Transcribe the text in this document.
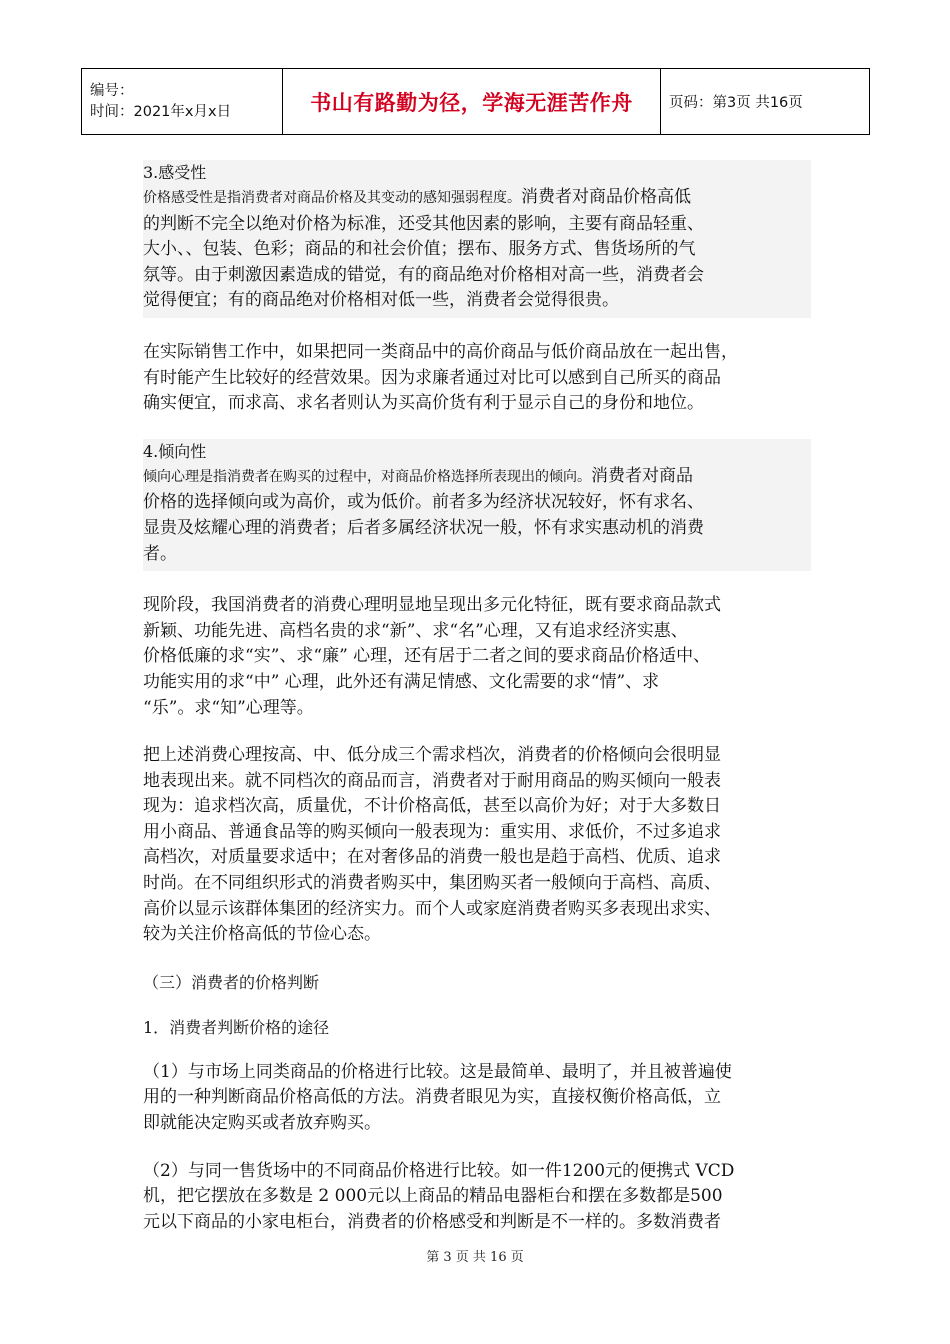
编号：
时间：2021年x月x日	书山有路勤为径，学海无涯苦作舟	页码：第3页 共16页
3.感受性
价格感受性是指消费者对商品价格及其变动的感知强弱程度。消费者对商品价格高低
的判断不完全以绝对价格为标准，还受其他因素的影响，主要有商品轻重、
大小、、包装、色彩；商品的和社会价值；摆布、服务方式、售货场所的气
氛等。由于刺激因素造成的错觉，有的商品绝对价格相对高一些，消费者会
觉得便宜；有的商品绝对价格相对低一些，消费者会觉得很贵。
在实际销售工作中，如果把同一类商品中的高价商品与低价商品放在一起出售，
有时能产生比较好的经营效果。因为求廉者通过对比可以感到自己所买的商品
确实便宜，而求高、求名者则认为买高价货有利于显示自己的身份和地位。
4.倾向性
倾向心理是指消费者在购买的过程中，对商品价格选择所表现出的倾向。消费者对商品
价格的选择倾向或为高价，或为低价。前者多为经济状况较好，怀有求名、
显贵及炫耀心理的消费者；后者多属经济状况一般，怀有求实惠动机的消费
者。
现阶段，我国消费者的消费心理明显地呈现出多元化特征，既有要求商品款式
新颖、功能先进、高档名贵的求“新”、求“名”心理，又有追求经济实惠、
价格低廉的求“实”、求“廉” 心理，还有居于二者之间的要求商品价格适中、
功能实用的求“中” 心理，此外还有满足情感、文化需要的求“情”、求
“乐”。求“知”心理等。
把上述消费心理按高、中、低分成三个需求档次，消费者的价格倾向会很明显
地表现出来。就不同档次的商品而言，消费者对于耐用商品的购买倾向一般表
现为：追求档次高，质量优，不计价格高低，甚至以高价为好；对于大多数日
用小商品、普通食品等的购买倾向一般表现为：重实用、求低价，不过多追求
高档次，对质量要求适中；在对奢侈品的消费一般也是趋于高档、优质、追求
时尚。在不同组织形式的消费者购买中，集团购买者一般倾向于高档、高质、
高价以显示该群体集团的经济实力。而个人或家庭消费者购买多表现出求实、
较为关注价格高低的节俭心态。
（三）消费者的价格判断
1．消费者判断价格的途径
（1）与市场上同类商品的价格进行比较。这是最简单、最明了，并且被普遍使
用的一种判断商品价格高低的方法。消费者眼见为实，直接权衡价格高低，立
即就能决定购买或者放弃购买。
（2）与同一售货场中的不同商品价格进行比较。如一件1200元的便携式 VCD
机，把它摆放在多数是 2 000元以上商品的精品电器柜台和摆在多数都是500
元以下商品的小家电柜台，消费者的价格感受和判断是不一样的。多数消费者
第 3 页 共 16 页
